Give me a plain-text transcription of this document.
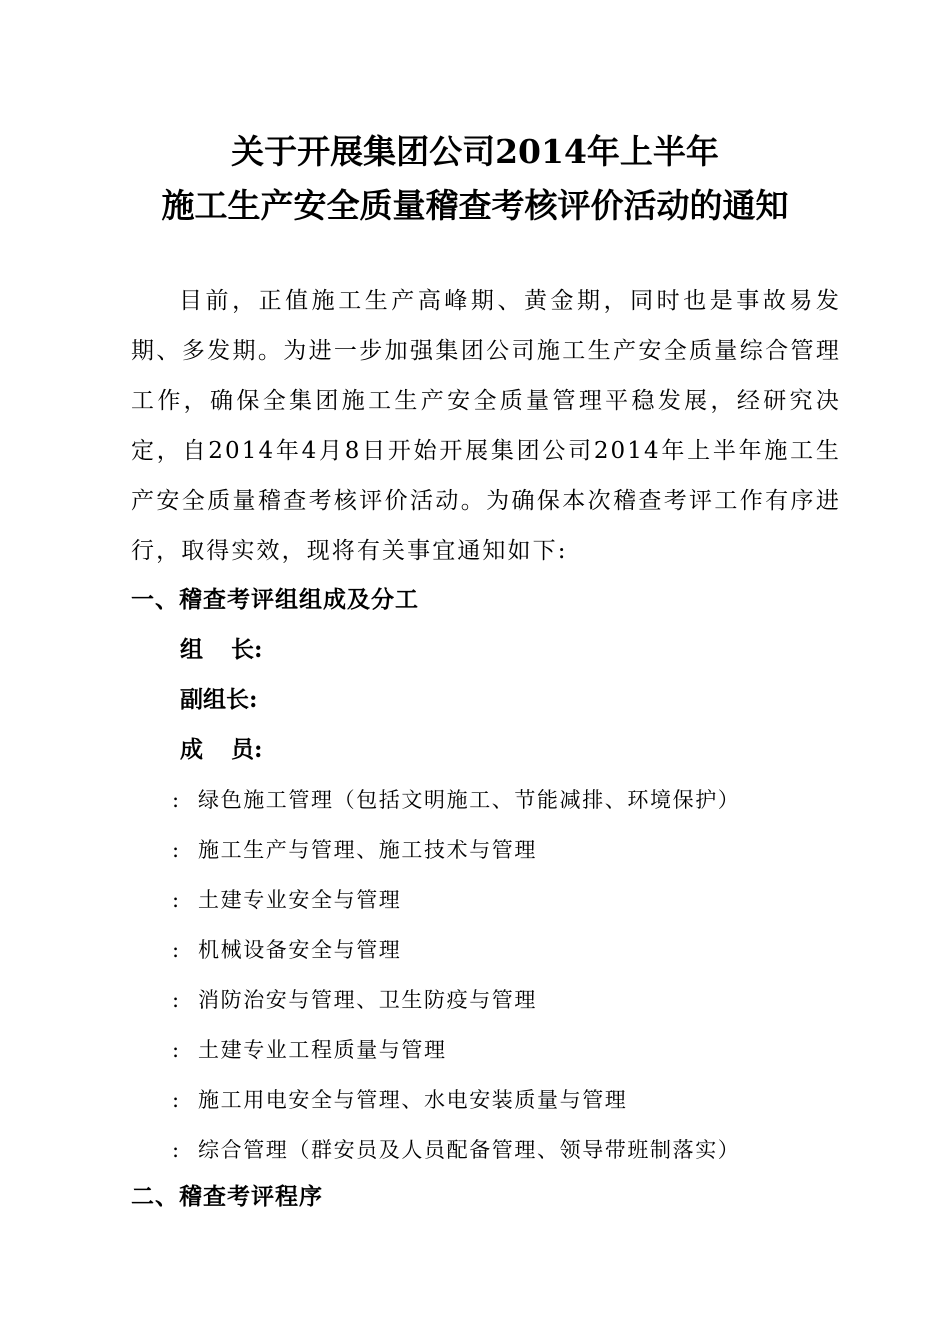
关于开展集团公司2014年上半年
施工生产安全质量稽查考核评价活动的通知

目前，正值施工生产高峰期、黄金期，同时也是事故易发期、多发期。为进一步加强集团公司施工生产安全质量综合管理工作，确保全集团施工生产安全质量管理平稳发展，经研究决定，自2014年4月8日开始开展集团公司2014年上半年施工生产安全质量稽查考核评价活动。为确保本次稽查考评工作有序进行，取得实效，现将有关事宜通知如下:

一、稽查考评组组成及分工
组长:
副组长:
成员:
: 绿色施工管理（包括文明施工、节能减排、环境保护）
: 施工生产与管理、施工技术与管理
: 土建专业安全与管理
: 机械设备安全与管理
: 消防治安与管理、卫生防疫与管理
: 土建专业工程质量与管理
: 施工用电安全与管理、水电安装质量与管理
: 综合管理（群安员及人员配备管理、领导带班制落实）
二、稽查考评程序
